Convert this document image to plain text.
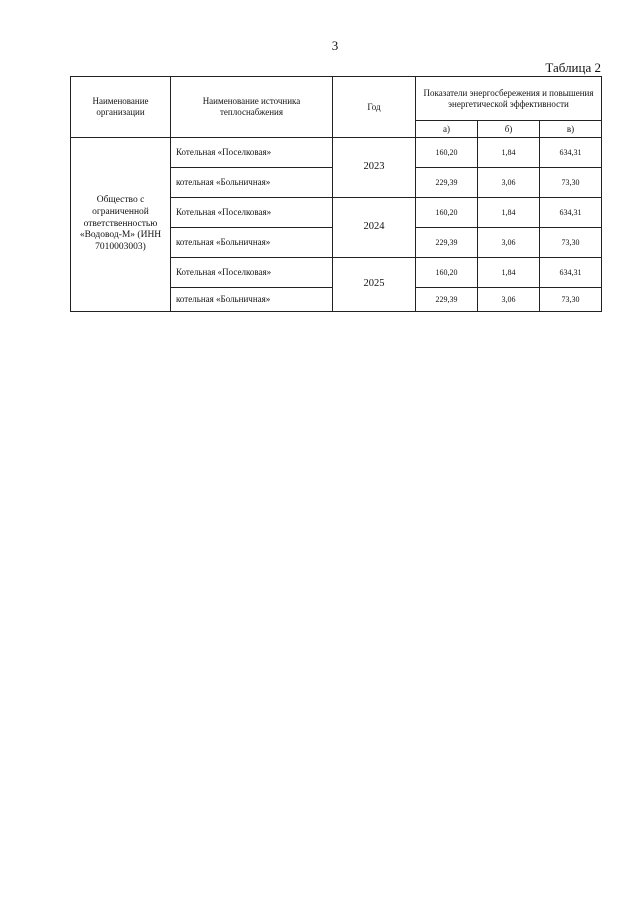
3
Таблица 2
Наименование организации	Наименование источника теплоснабжения	Год	Показатели энергосбережения и повышения энергетической эффективности		
			а)	б)	в)
Общество с ограниченной ответственностью «Водовод-М» (ИНН 7010003003)	Котельная «Поселковая»	2023	160,20	1,84	634,31
	котельная «Больничная»		229,39	3,06	73,30
	Котельная «Поселковая»	2024	160,20	1,84	634,31
	котельная «Больничная»		229,39	3,06	73,30
	Котельная «Поселковая»	2025	160,20	1,84	634,31
	котельная «Больничная»		229,39	3,06	73,30
